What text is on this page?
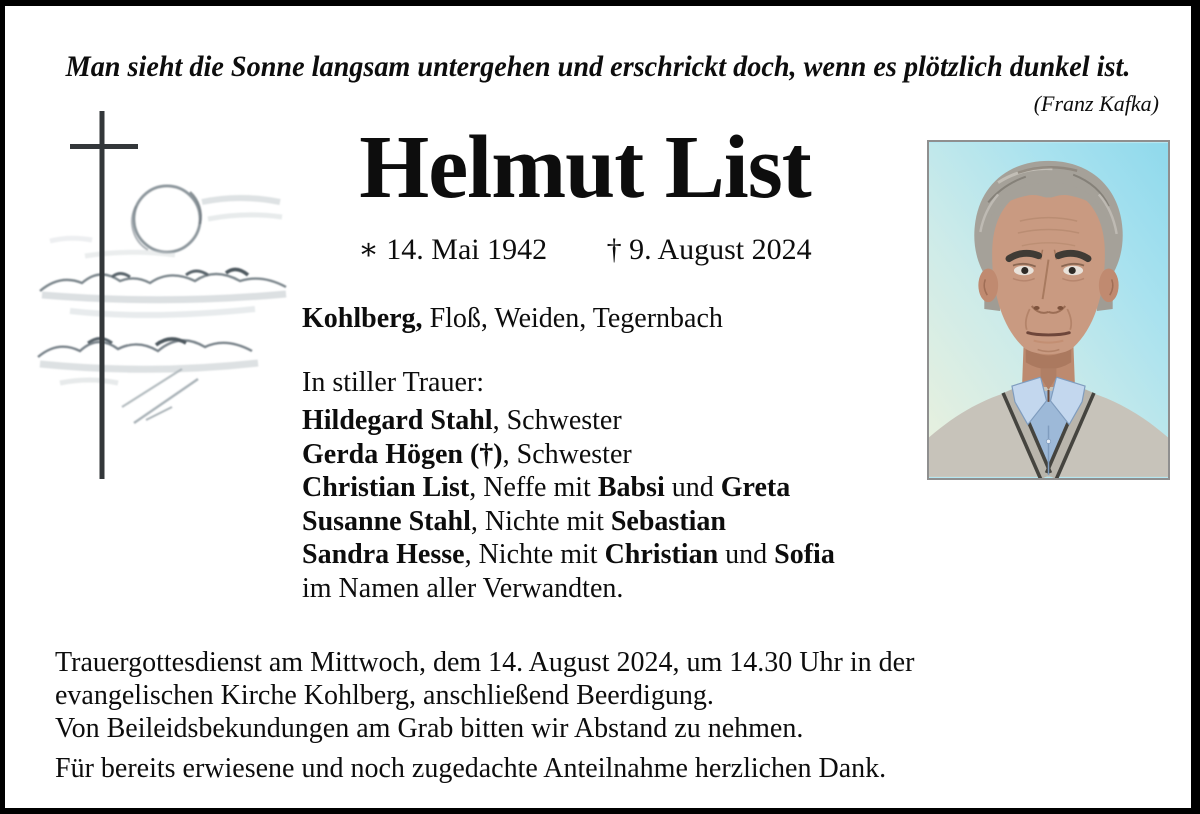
Man sieht die Sonne langsam untergehen und erschrickt doch, wenn es plötzlich dunkel ist.
(Franz Kafka)
Helmut List
∗ 14. Mai 1942 † 9. August 2024
Kohlberg, Floß, Weiden, Tegernbach
In stiller Trauer:
Hildegard Stahl, Schwester
Gerda Högen (†), Schwester
Christian List, Neffe mit Babsi und Greta
Susanne Stahl, Nichte mit Sebastian
Sandra Hesse, Nichte mit Christian und Sofia
im Namen aller Verwandten.

Trauergottesdienst am Mittwoch, dem 14. August 2024, um 14.30 Uhr in der evangelischen Kirche Kohlberg, anschließend Beerdigung.

Von Beileidsbekundungen am Grab bitten wir Abstand zu nehmen.

Für bereits erwiesene und noch zugedachte Anteilnahme herzlichen Dank.
